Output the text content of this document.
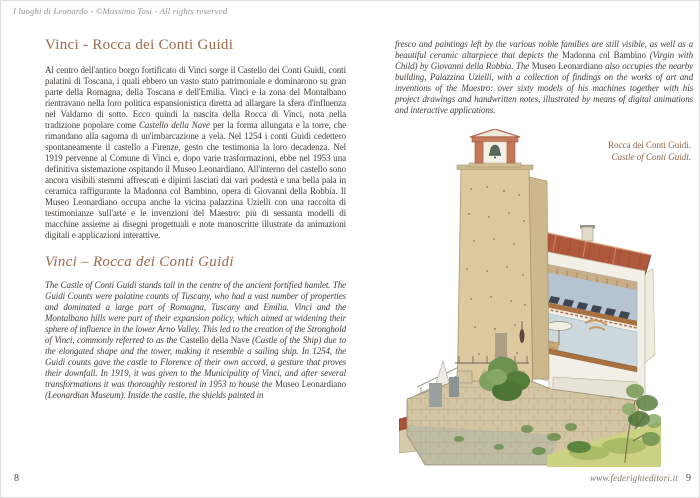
I luoghi di Leonardo - ©Massimo Tosi - All rights reserved
Vinci - Rocca dei Conti Guidi

Al centro dell'antico borgo fortificato di Vinci sorge il Castello dei Conti Guidi, conti palatini di Toscana, i quali ebbero un vasto stato patrimoniale e dominarono su gran parte della Romagna, della Toscana e dell'Emilia. Vinci e la zona del Montalbano rientravano nella loro politica espansionistica diretta ad allargare la sfera d'influenza nel Valdarno di sotto. Ecco quindi la nascita della Rocca di Vinci, nota nella tradizione popolare come Castello della Nave per la forma allungata e la torre, che rimandano alla sagoma di un'imbarcazione a vela. Nel 1254 i conti Guidi cedettero spontaneamente il castello a Firenze, gesto che testimonia la loro decadenza. Nel 1919 pervenne al Comune di Vinci e, dopo varie trasformazioni, ebbe nel 1953 una definitiva sistemazione ospitando il Museo Leonardiano. All'interno del castello sono ancora visibili stemmi affrescati e dipinti lasciati dai vari podestà e una bella pala in ceramica raffigurante la Madonna col Bambino, opera di Giovanni della Robbia. Il Museo Leonardiano occupa anche la vicina palazzina Uzielli con una raccolta di testimonianze sull'arte e le invenzioni del Maestro: più di sessanta modelli di macchine assieme ai disegni progettuali e note manoscritte illustrate da animazioni digitali e applicazioni interattive.

Vinci – Rocca dei Conti Guidi

The Castle of Conti Guidi stands tall in the centre of the ancient fortified hamlet. The Guidi Counts were palatine counts of Tuscany, who had a vast number of properties and dominated a large part of Romagna, Tuscany and Emilia. Vinci and the Montalbano hills were part of their expansion policy, which aimed at widening their sphere of influence in the lower Arno Valley. This led to the creation of the Stronghold of Vinci, commonly referred to as the Castello della Nave (Castle of the Ship) due to the elongated shape and the tower, making it resemble a sailing ship. In 1254, the Guidi counts gave the castle to Florence of their own accord, a gesture that proves their downfall. In 1919, it was given to the Municipality of Vinci, and after several transformations it was thoroughly restored in 1953 to house the Museo Leonardiano (Leonardian Museum). Inside the castle, the shields painted in

fresco and paintings left by the various noble families are still visible, as well as a beautiful ceramic altarpiece that depicts the Madonna col Bambino (Virgin with Child) by Giovanni della Robbia. The Museo Leonardiano also occupies the nearby building, Palazzina Uzielli, with a collection of findings on the works of art and inventions of the Maestro: over sixty models of his machines together with his project drawings and handwritten notes, illustrated by means of digital animations and interactive applications.

Rocca dei Conti Guidi.
Castle of Conti Guidi.
8	www.federighieditori.it 9
